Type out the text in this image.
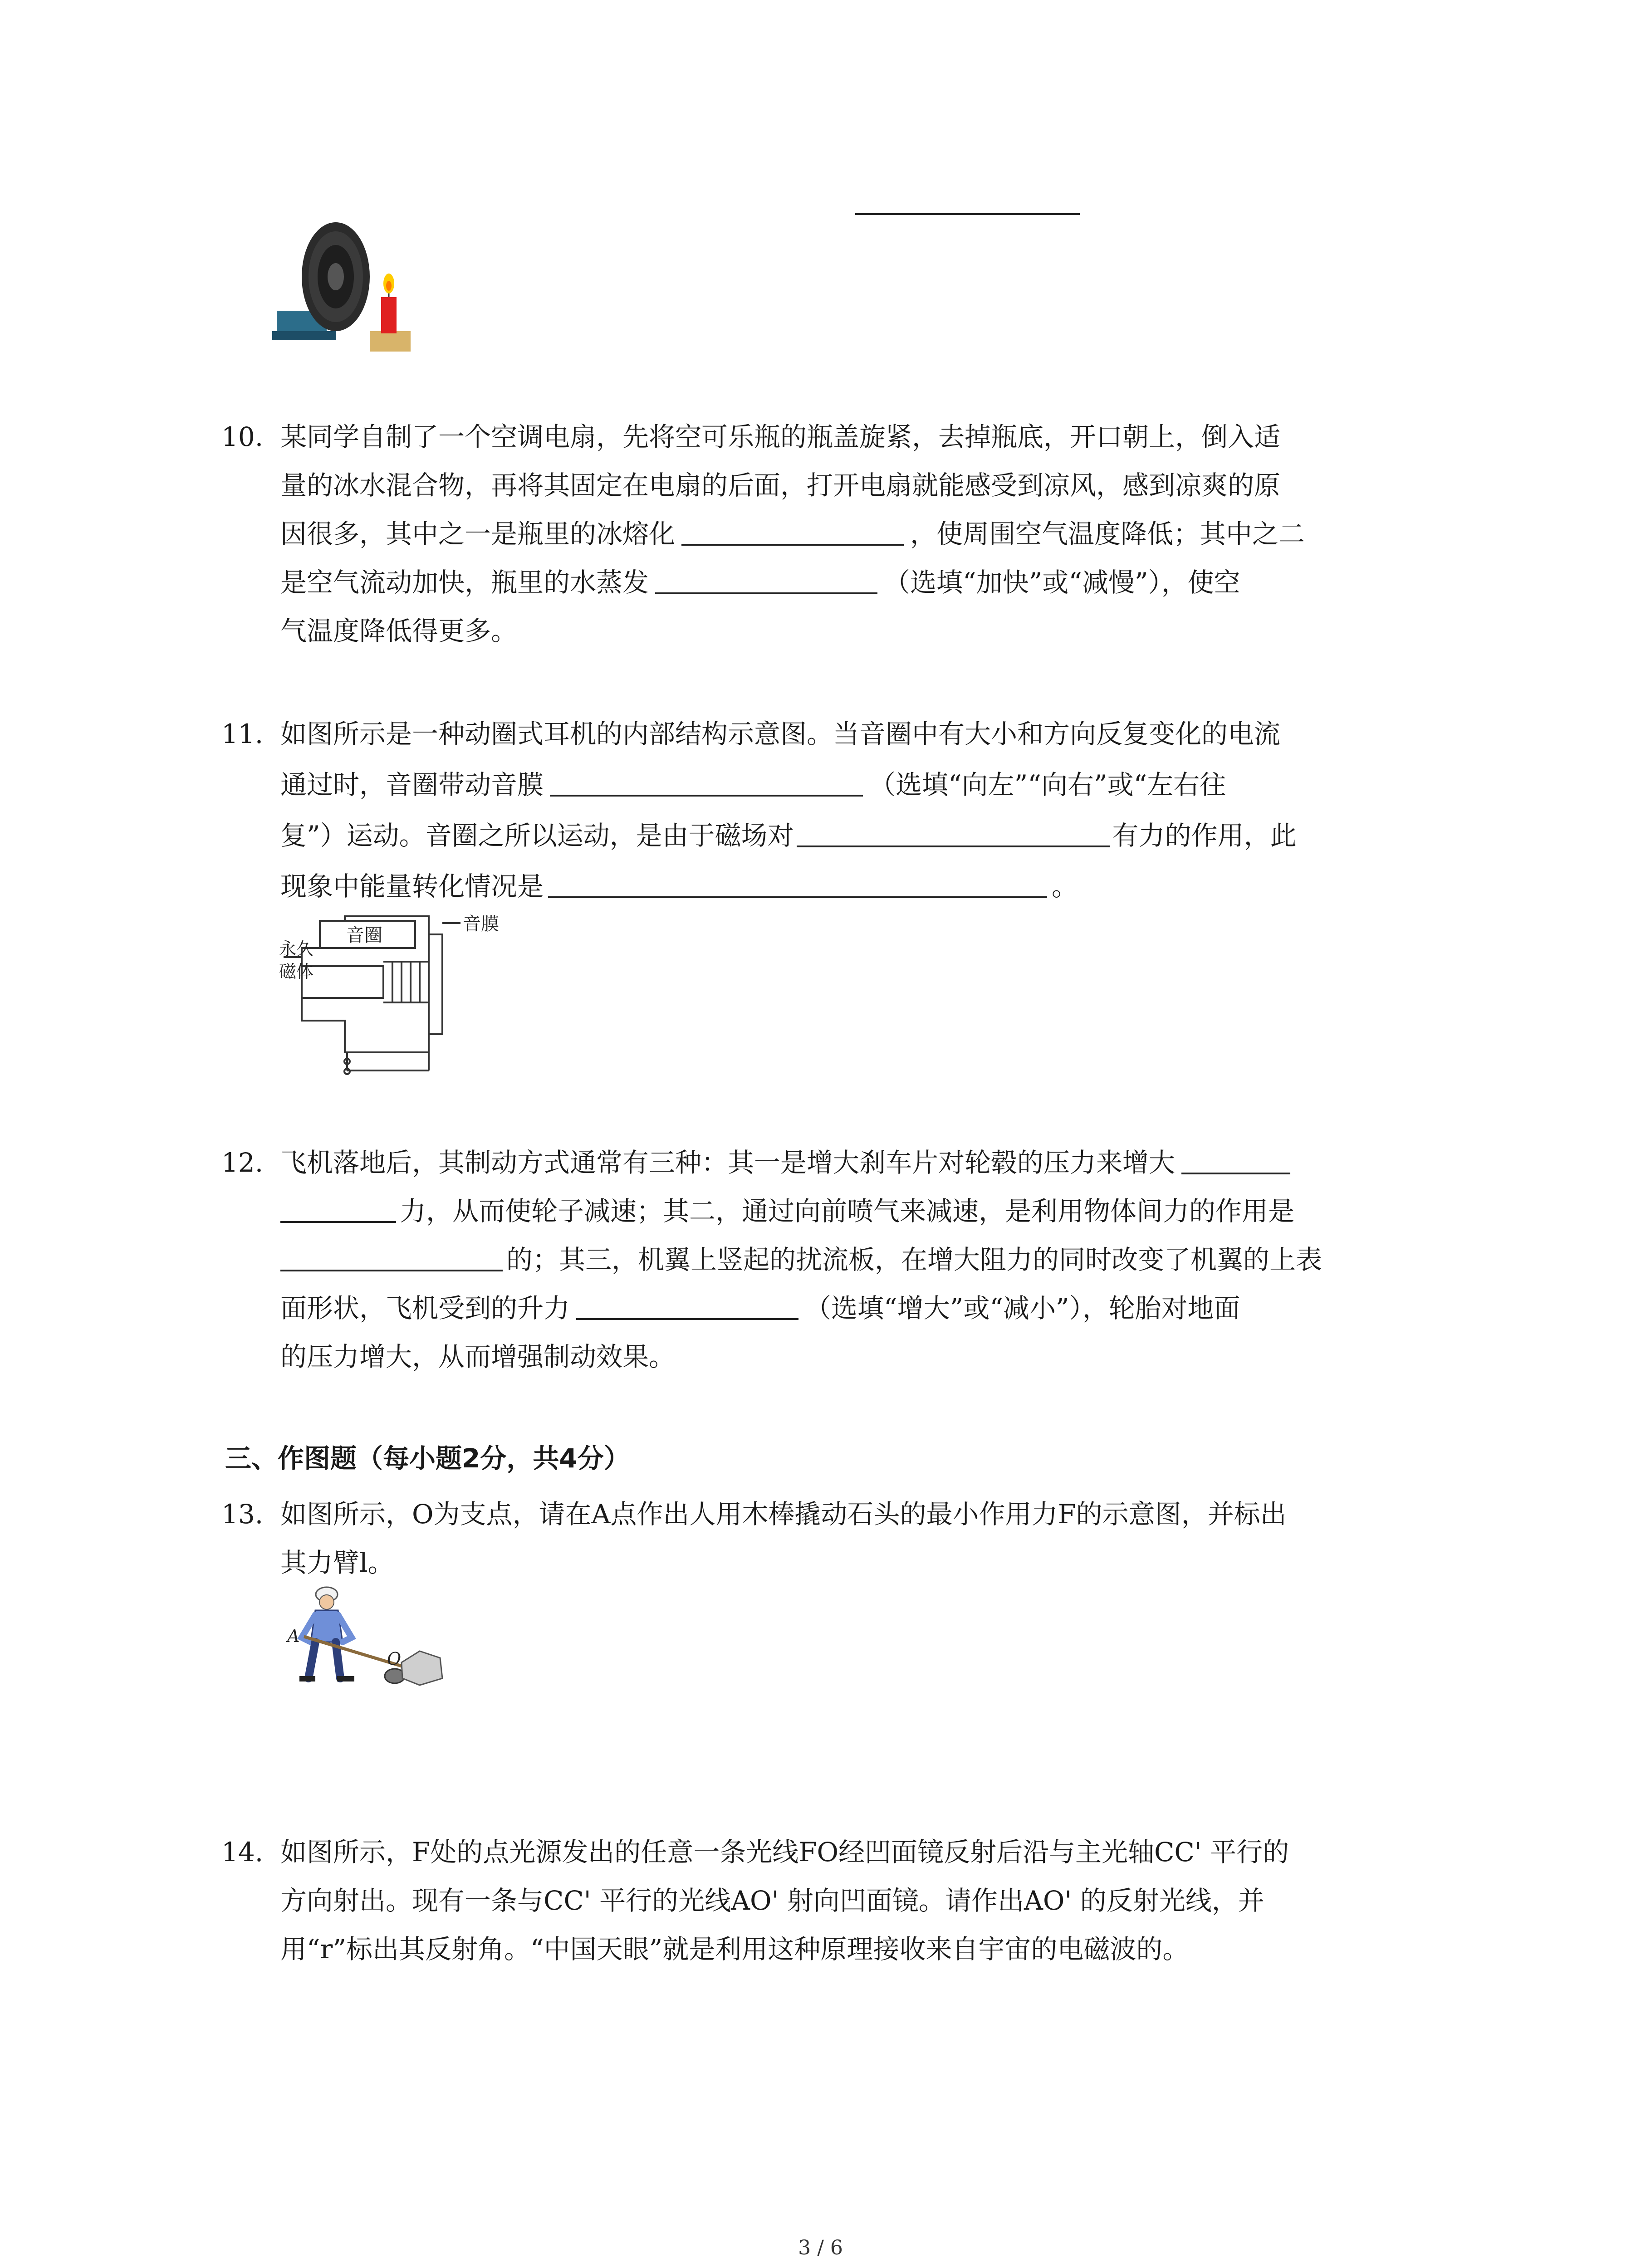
10. 某同学自制了一个空调电扇，先将空可乐瓶的瓶盖旋紧，去掉瓶底，开口朝上，倒入适
量的冰水混合物，再将其固定在电扇的后面，打开电扇就能感受到凉风，感到凉爽的原
因很多，其中之一是瓶里的冰熔化	，使周围空气温度降低；其中之二
是空气流动加快，瓶里的水蒸发	（选填“加快”或“减慢”），使空
气温度降低得更多。
11. 如图所示是一种动圈式耳机的内部结构示意图。当音圈中有大小和方向反复变化的电流
通过时，音圈带动音膜	（选填“向左”“向右”或“左右往
复”）运动。音圈之所以运动，是由于磁场对	有力的作用，此
现象中能量转化情况是	。
音圈
音膜
永久
磁体
12. 飞机落地后，其制动方式通常有三种：其一是增大刹车片对轮毂的压力来增大
力，从而使轮子减速；其二，通过向前喷气来减速，是利用物体间力的作用是
的；其三，机翼上竖起的扰流板，在增大阻力的同时改变了机翼的上表
面形状，飞机受到的升力	（选填“增大”或“减小”），轮胎对地面
的压力增大，从而增强制动效果。
三、作图题（每小题2分，共4分）
13. 如图所示，O为支点，请在A点作出人用木棒撬动石头的最小作用力F的示意图，并标出
其力臂l。
A
O
14. 如图所示，F处的点光源发出的任意一条光线FO经凹面镜反射后沿与主光轴CC' 平行的
方向射出。现有一条与CC' 平行的光线AO' 射向凹面镜。请作出AO' 的反射光线，并
用“r”标出其反射角。“中国天眼”就是利用这种原理接收来自宇宙的电磁波的。
3 / 6
